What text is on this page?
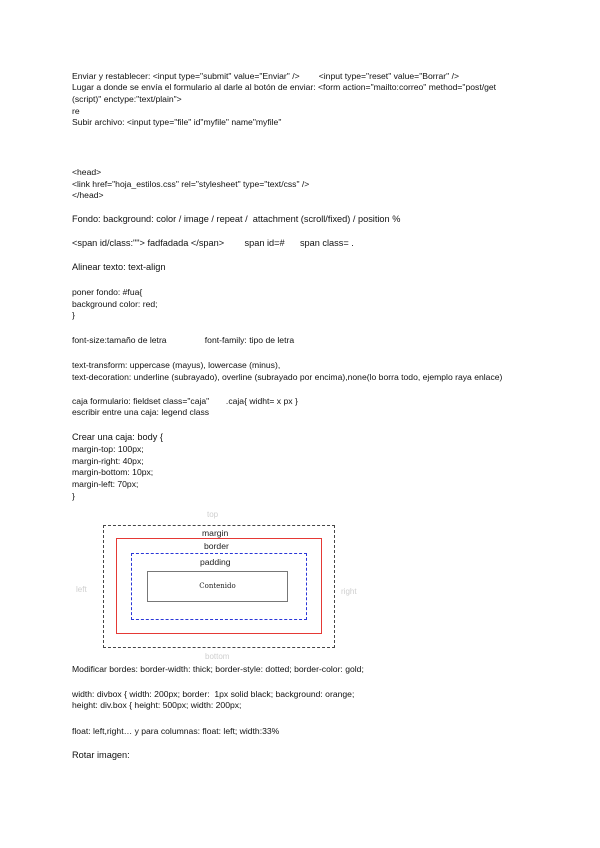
Enviar y restablecer: <input type="submit" value="Enviar" />        <input type="reset" value="Borrar" />
Lugar a donde se envía el formulario al darle al botón de enviar: <form action="mailto:correo" method="post/get
(script)" enctype:"text/plain">
re
Subir archivo: <input type="file" id"myfile" name"myfile"
<head>
<link href="hoja_estilos.css" rel="stylesheet" type="text/css" />
</head>
Fondo: background: color / image / repeat /  attachment (scroll/fixed) / position %
<span id/class:""> fadfadada </span>        span id=#      span class= .
Alinear texto: text-align
poner fondo: #fua{
background color: red;
}
font-size:tamaño de letra                font-family: tipo de letra
text-transform: uppercase (mayus), lowercase (minus),
text-decoration: underline (subrayado), overline (subrayado por encima),none(lo borra todo, ejemplo raya enlace)
caja formulario: fieldset class="caja"       .caja{ widht= x px }
escribir entre una caja: legend class
Crear una caja: body {
margin-top: 100px;
margin-right: 40px;
margin-bottom: 10px;
margin-left: 70px;
}
top
bottom
left	right
Contenido
margin
border
padding
Modificar bordes: border-width: thick; border-style: dotted; border-color: gold;
width: divbox { width: 200px; border:  1px solid black; background: orange;
height: div.box { height: 500px; width: 200px;
float: left,right… y para columnas: float: left; width:33%
Rotar imagen:
